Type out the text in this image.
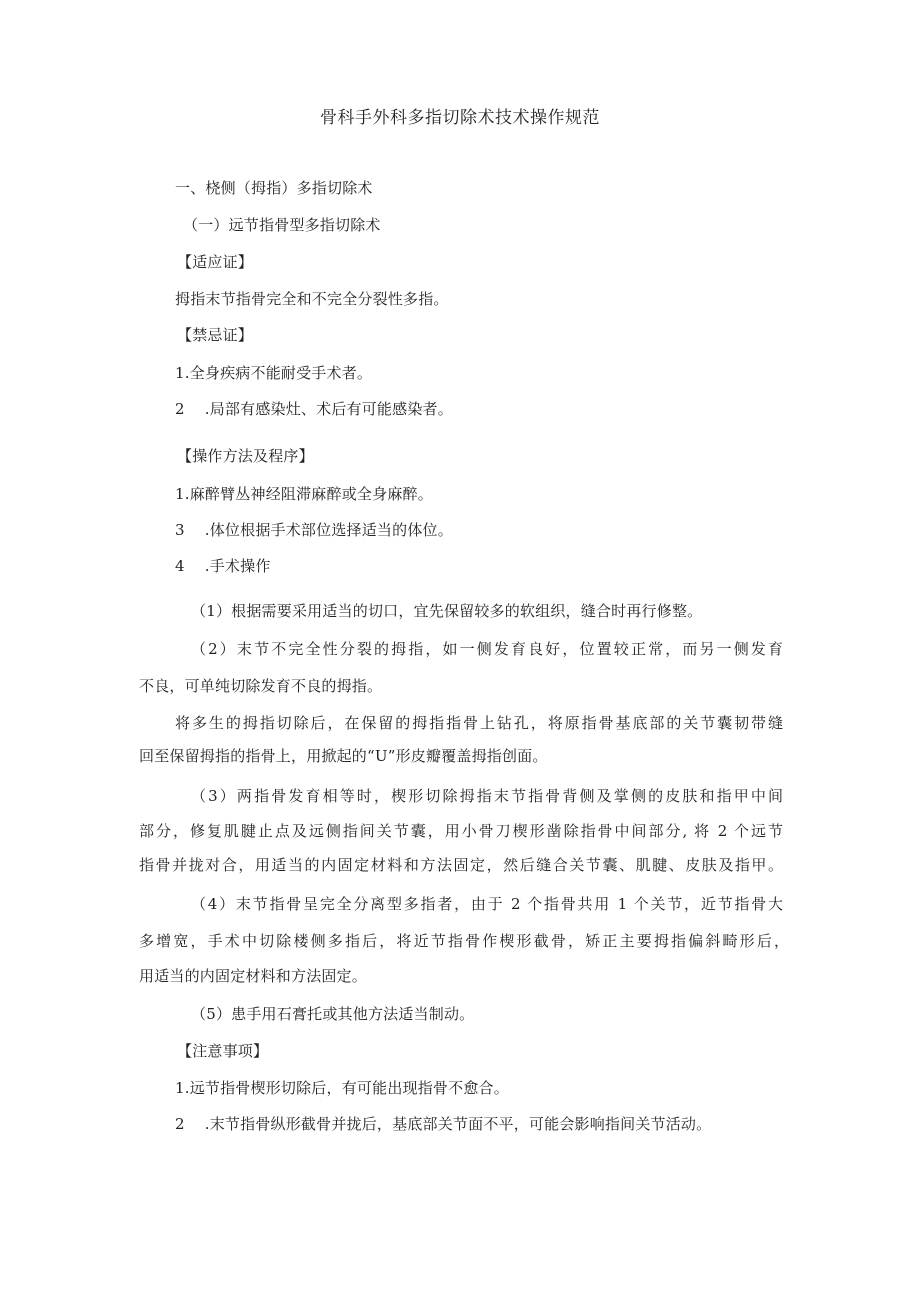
骨科手外科多指切除术技术操作规范
一、桡侧（拇指）多指切除术
（一）远节指骨型多指切除术
【适应证】
拇指末节指骨完全和不完全分裂性多指。
【禁忌证】
1.全身疾病不能耐受手术者。
2 .局部有感染灶、术后有可能感染者。
【操作方法及程序】
1.麻醉臂丛神经阻滞麻醉或全身麻醉。
3 .体位根据手术部位选择适当的体位。
4 .手术操作
（1）根据需要采用适当的切口，宜先保留较多的软组织，缝合时再行修整。
（2）末节不完全性分裂的拇指，如一侧发育良好，位置较正常，而另一侧发育
不良，可单纯切除发育不良的拇指。
将多生的拇指切除后，在保留的拇指指骨上钻孔，将原指骨基底部的关节囊韧带缝
回至保留拇指的指骨上，用掀起的“U”形皮瓣覆盖拇指创面。
（3）两指骨发育相等时，楔形切除拇指末节指骨背侧及掌侧的皮肤和指甲中间
部分，修复肌腱止点及远侧指间关节囊，用小骨刀楔形凿除指骨中间部分, 将 2 个远节
指骨并拢对合，用适当的内固定材料和方法固定，然后缝合关节囊、肌腱、皮肤及指甲。
（4）末节指骨呈完全分离型多指者，由于 2 个指骨共用 1 个关节，近节指骨大
多增宽，手术中切除楼侧多指后，将近节指骨作楔形截骨，矫正主要拇指偏斜畸形后，
用适当的内固定材料和方法固定。
（5）患手用石膏托或其他方法适当制动。
【注意事项】
1.远节指骨楔形切除后，有可能出现指骨不愈合。
2 .末节指骨纵形截骨并拢后，基底部关节面不平，可能会影响指间关节活动。
